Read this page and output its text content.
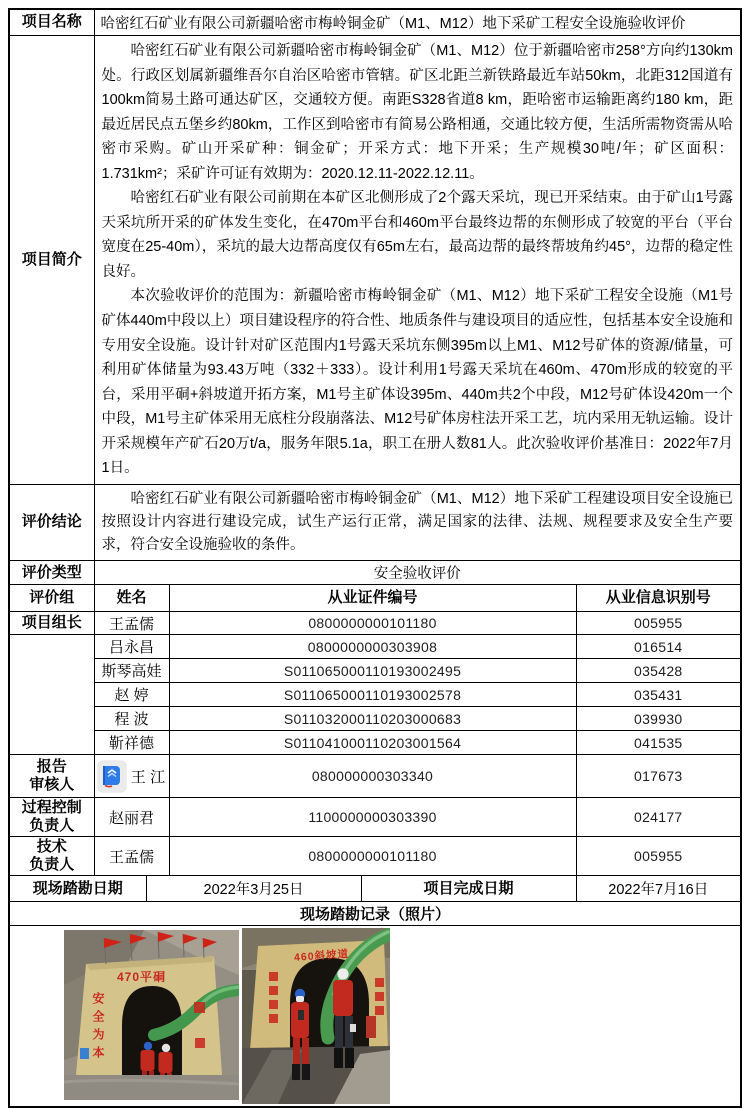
项目名称	哈密红石矿业有限公司新疆哈密市梅岭铜金矿（M1、M12）地下采矿工程安全设施验收评价				
项目简介	哈密红石矿业有限公司新疆哈密市梅岭铜金矿（M1、M12）位于新疆哈密市258°方向约130km处。行政区划属新疆维吾尔自治区哈密市管辖。矿区北距兰新铁路最近车站50km，北距312国道有100km简易土路可通达矿区，交通较方便。南距S328省道8 km，距哈密市运输距离约180 km，距最近居民点五堡乡约80km，工作区到哈密市有简易公路相通，交通比较方便，生活所需物资需从哈密市采购。矿山开采矿种：铜金矿；开采方式：地下开采；生产规模30吨/年；矿区面积：1.731km²；采矿许可证有效期为：2020.12.11-2022.12.11。

哈密红石矿业有限公司前期在本矿区北侧形成了2个露天采坑，现已开采结束。由于矿山1号露天采坑所开采的矿体发生变化，在470m平台和460m平台最终边帮的东侧形成了较宽的平台（平台宽度在25-40m），采坑的最大边帮高度仅有65m左右，最高边帮的最终帮坡角约45°，边帮的稳定性良好。

本次验收评价的范围为：新疆哈密市梅岭铜金矿（M1、M12）地下采矿工程安全设施（M1号矿体440m中段以上）项目建设程序的符合性、地质条件与建设项目的适应性，包括基本安全设施和专用安全设施。设计针对矿区范围内1号露天采坑东侧395m以上M1、M12号矿体的资源/储量，可利用矿体储量为93.43万吨（332＋333）。设计利用1号露天采坑在460m、470m形成的较宽的平台，采用平硐+斜坡道开拓方案，M1号主矿体设395m、440m共2个中段，M12号矿体设420m一个中段，M1号主矿体采用无底柱分段崩落法、M12号矿体房柱法开采工艺，坑内采用无轨运输。设计开采规模年产矿石20万t/a，服务年限5.1a，职工在册人数81人。此次验收评价基准日：2022年7月1日。				

评价结论	哈密红石矿业有限公司新疆哈密市梅岭铜金矿（M1、M12）地下采矿工程建设项目安全设施已按照设计内容进行建设完成，试生产运行正常，满足国家的法律、法规、规程要求及安全生产要求，符合安全设施验收的条件。				

评价类型	安全验收评价				
评价组	姓名		从业证件编号		从业信息识别号
项目组长	王孟儒		0800000000101180		005955
	吕永昌		0800000000303908		016514
	斯琴高娃		S011065000110193002495		035428
	赵 婷		S011065000110193002578		035431
	程 波		S011032000110203000683		039930
	靳祥德		S011041000110203001564		041535

报告
审核人	王 江		080000000303340		017673

过程控制
负责人	赵丽君		1100000000303390		024177

技术
负责人	王孟儒		0800000000101180		005955
现场踏勘日期		2022年3月25日		项目完成日期	2022年7月16日
现场踏勘记录（照片）					

470平硐
安全为本
460斜坡道					
